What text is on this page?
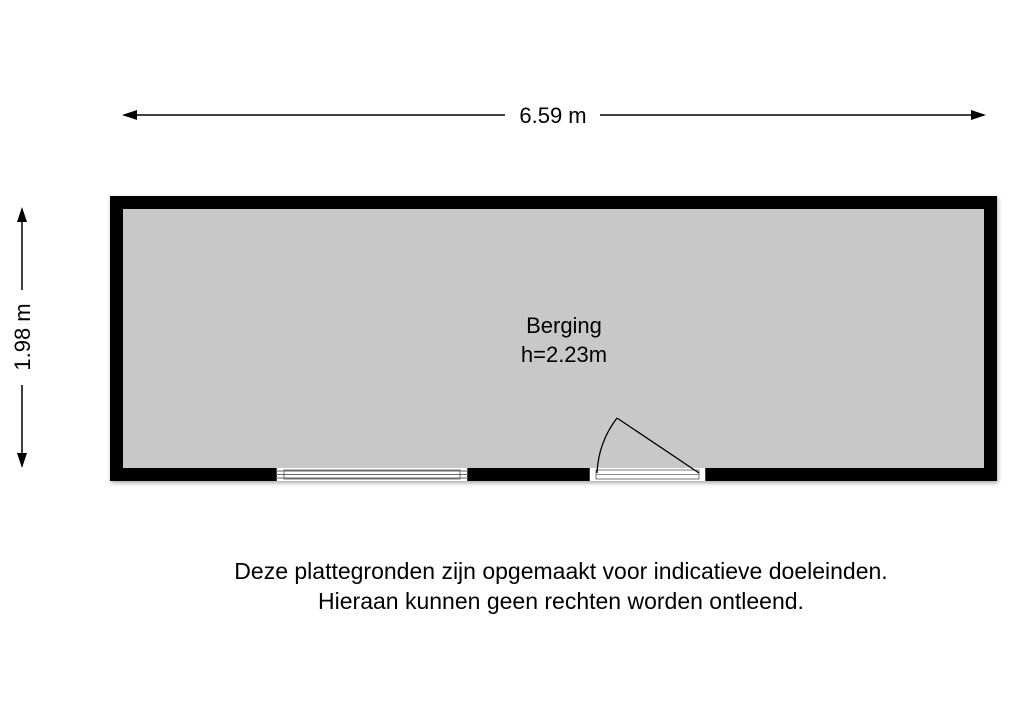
6.59 m
1.98 m	Berging
h=2.23m
Deze plattegronden zijn opgemaakt voor indicatieve doeleinden.
Hieraan kunnen geen rechten worden ontleend.
